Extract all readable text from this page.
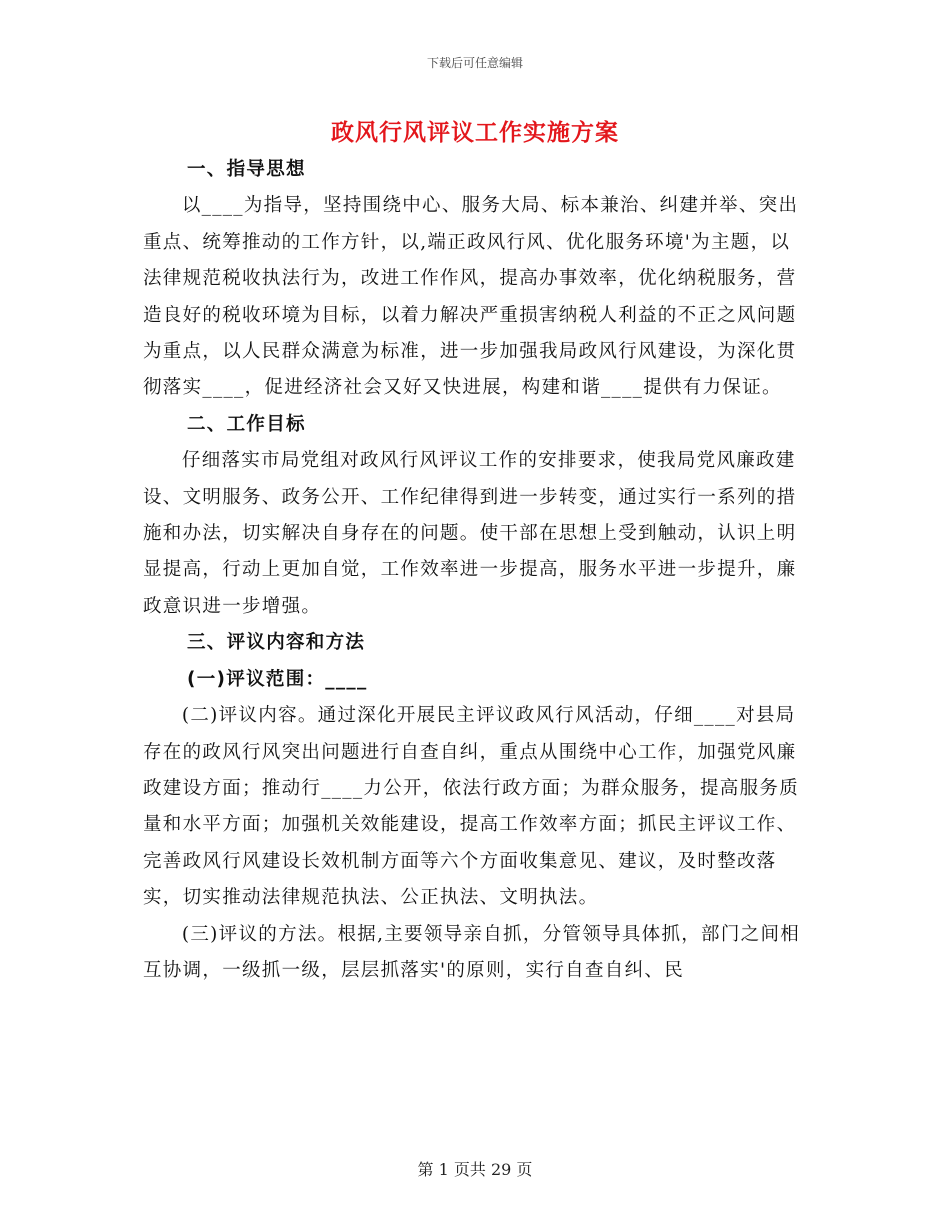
下载后可任意编辑
政风行风评议工作实施方案

一、指导思想

以____为指导，坚持围绕中心、服务大局、标本兼治、纠建并举、突出重点、统筹推动的工作方针，以,端正政风行风、优化服务环境'为主题，以法律规范税收执法行为，改进工作作风，提高办事效率，优化纳税服务，营造良好的税收环境为目标，以着力解决严重损害纳税人利益的不正之风问题为重点，以人民群众满意为标准，进一步加强我局政风行风建设，为深化贯彻落实____，促进经济社会又好又快进展，构建和谐____提供有力保证。

二、工作目标

仔细落实市局党组对政风行风评议工作的安排要求，使我局党风廉政建设、文明服务、政务公开、工作纪律得到进一步转变，通过实行一系列的措施和办法，切实解决自身存在的问题。使干部在思想上受到触动，认识上明显提高，行动上更加自觉，工作效率进一步提高，服务水平进一步提升，廉政意识进一步增强。

三、评议内容和方法

(一)评议范围：____

(二)评议内容。通过深化开展民主评议政风行风活动，仔细____对县局存在的政风行风突出问题进行自查自纠，重点从围绕中心工作，加强党风廉政建设方面；推动行____力公开，依法行政方面；为群众服务，提高服务质量和水平方面；加强机关效能建设，提高工作效率方面；抓民主评议工作、完善政风行风建设长效机制方面等六个方面收集意见、建议，及时整改落实，切实推动法律规范执法、公正执法、文明执法。

(三)评议的方法。根据,主要领导亲自抓，分管领导具体抓，部门之间相互协调，一级抓一级，层层抓落实'的原则，实行自查自纠、民

第 1 页共 29 页
